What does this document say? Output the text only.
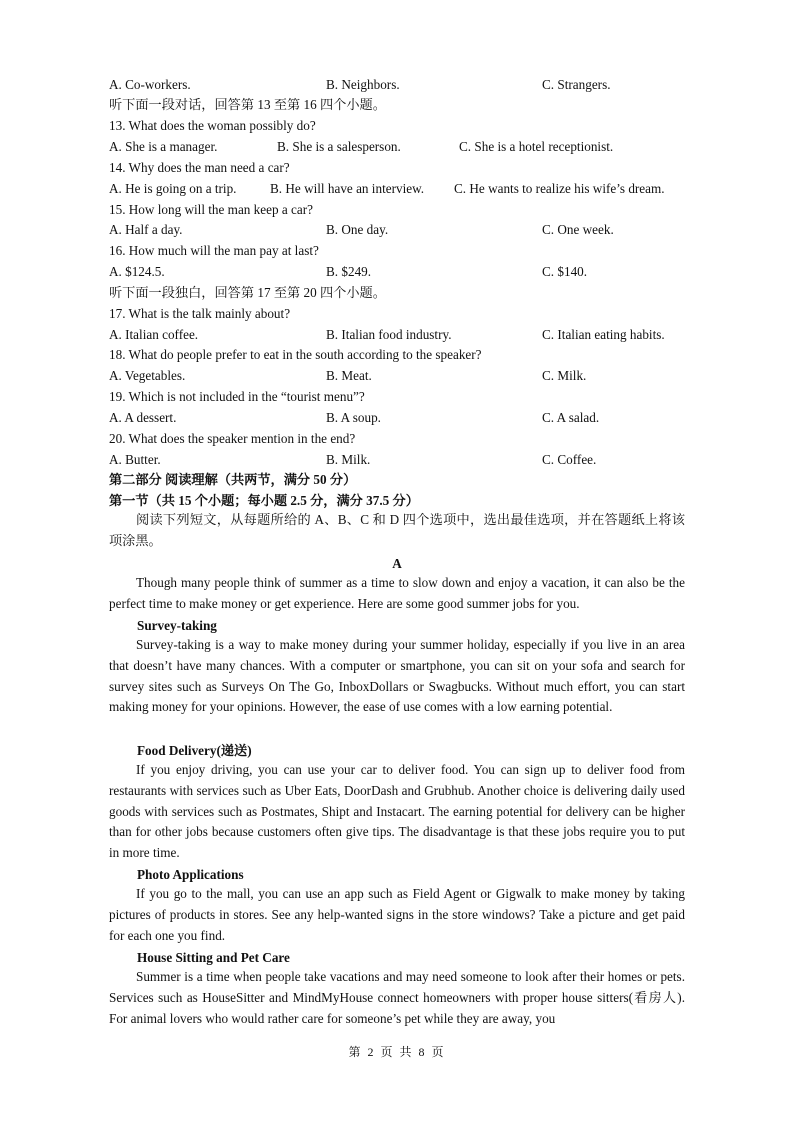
A. Co-workers.	B. Neighbors.	C. Strangers.
听下面一段对话，回答第 13 至第 16 四个小题。
13. What does the woman possibly do?
A. She is a manager.	B. She is a salesperson.	C. She is a hotel receptionist.
14. Why does the man need a car?
A. He is going on a trip.	B. He will have an interview. C. He wants to realize his wife’s dream.
15. How long will the man keep a car?
A. Half a day.	B. One day.	C. One week.
16. How much will the man pay at last?
A. $124.5.	B. $249.	C. $140.
听下面一段独白，回答第 17 至第 20 四个小题。
17. What is the talk mainly about?
A. Italian coffee.	B. Italian food industry.	C. Italian eating habits.
18. What do people prefer to eat in the south according to the speaker?
A. Vegetables.	B. Meat.	C. Milk.
19. Which is not included in the “tourist menu”?
A. A dessert.	B. A soup.	C. A salad.
20. What does the speaker mention in the end?
A. Butter.	B. Milk.	C. Coffee.
第二部分 阅读理解（共两节，满分 50 分）
第一节（共 15 个小题；每小题 2.5 分，满分 37.5 分）
阅读下列短文，从每题所给的 A、B、C 和 D 四个选项中，选出最佳选项，并在答题纸上将该项涂黑。
A
Though many people think of summer as a time to slow down and enjoy a vacation, it can also be the perfect time to make money or get experience. Here are some good summer jobs for you.
Survey-taking
Survey-taking is a way to make money during your summer holiday, especially if you live in an area that doesn’t have many chances. With a computer or smartphone, you can sit on your sofa and search for survey sites such as Surveys On The Go, InboxDollars or Swagbucks. Without much effort, you can start making money for your opinions. However, the ease of use comes with a low earning potential.
Food Delivery(递送)
If you enjoy driving, you can use your car to deliver food. You can sign up to deliver food from restaurants with services such as Uber Eats, DoorDash and Grubhub. Another choice is delivering daily used goods with services such as Postmates, Shipt and Instacart. The earning potential for delivery can be higher than for other jobs because customers often give tips. The disadvantage is that these jobs require you to put in more time.
Photo Applications
If you go to the mall, you can use an app such as Field Agent or Gigwalk to make money by taking pictures of products in stores. See any help-wanted signs in the store windows? Take a picture and get paid for each one you find.
House Sitting and Pet Care
Summer is a time when people take vacations and may need someone to look after their homes or pets. Services such as HouseSitter and MindMyHouse connect homeowners with proper house sitters(看房人). For animal lovers who would rather care for someone’s pet while they are away, you
第 2 页 共 8 页
